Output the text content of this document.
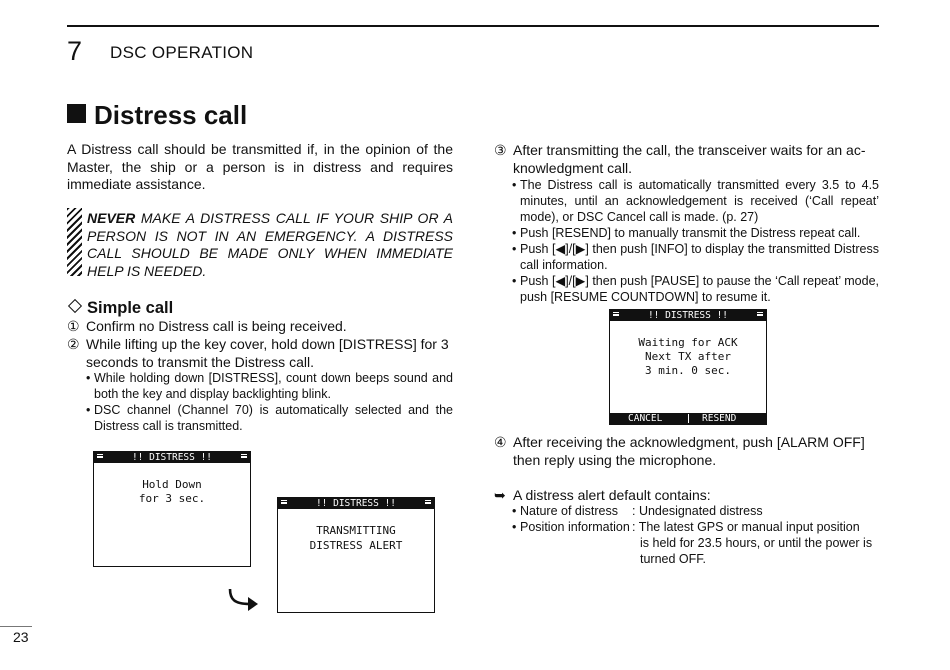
7 DSC OPERATION
Distress call
A Distress call should be transmitted if, in the opinion of the Master, the ship or a person is in distress and requires immediate assistance.
NEVER MAKE A DISTRESS CALL IF YOUR SHIP OR A PERSON IS NOT IN AN EMERGENCY. A DISTRESS CALL SHOULD BE MADE ONLY WHEN IMMEDIATE HELP IS NEEDED.
Simple call
① Confirm no Distress call is being received.
② While lifting up the key cover, hold down [DISTRESS] for 3
seconds to transmit the Distress call.
• While holding down [DISTRESS], count down beeps sound and both the key and display backlighting blink.
• DSC channel (Channel 70) is automatically selected and the Distress call is transmitted.
!! DISTRESS !!
Hold Down
for 3 sec.	!! DISTRESS !!
TRANSMITTING
DISTRESS ALERT
③ After transmitting the call, the transceiver waits for an ac-
knowledgment call.
• The Distress call is automatically transmitted every 3.5 to 4.5 minutes, until an acknowledgement is received (‘Call repeat’ mode), or DSC Cancel call is made. (p. 27)
• Push [RESEND] to manually transmit the Distress repeat call.
• Push [◀]/[▶] then push [INFO] to display the transmitted Distress call information.
• Push [◀]/[▶] then push [PAUSE] to pause the ‘Call repeat’ mode, push [RESUME COUNTDOWN] to resume it.
!! DISTRESS !!
Waiting for ACK
Next TX after
3 min. 0 sec.
CANCEL	RESEND
④ After receiving the acknowledgment, push [ALARM OFF]
then reply using the microphone.
➥ A distress alert default contains:
• Nature of distress : Undesignated distress
• Position information : The latest GPS or manual input position
is held for 23.5 hours, or until the power is
turned OFF.
23
